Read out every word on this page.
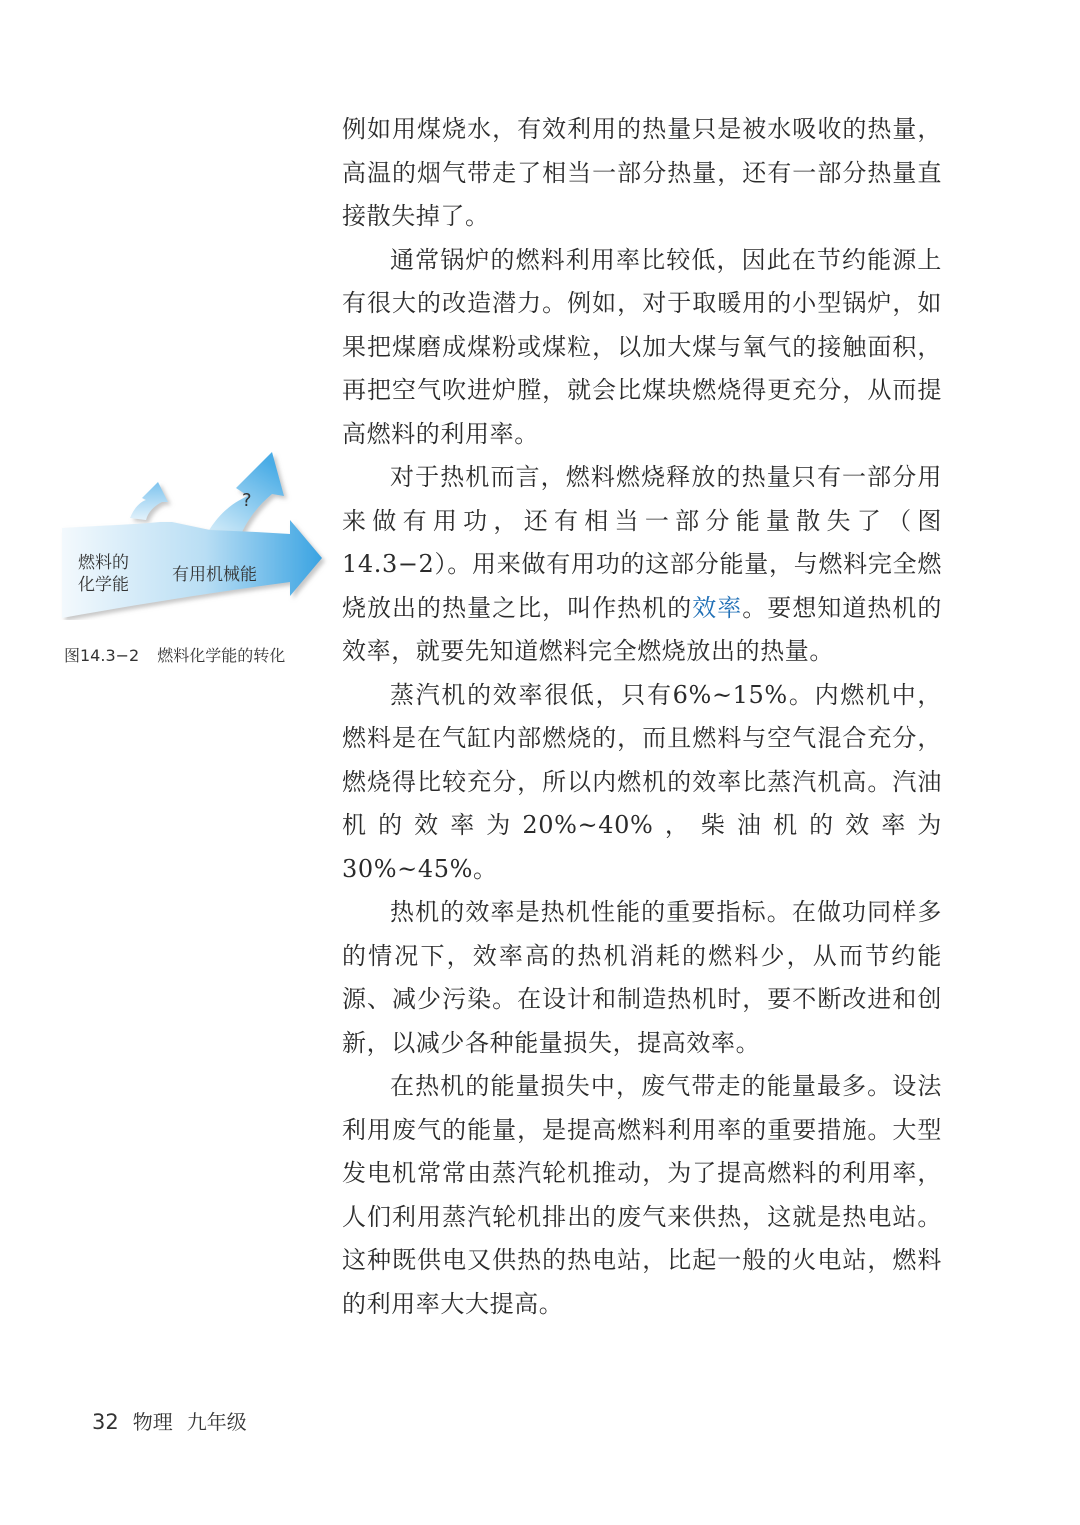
例如用煤烧水，有效利用的热量只是被水吸收的热量，高温的烟气带走了相当一部分热量，还有一部分热量直接散失掉了。

通常锅炉的燃料利用率比较低，因此在节约能源上有很大的改造潜力。例如，对于取暖用的小型锅炉，如果把煤磨成煤粉或煤粒，以加大煤与氧气的接触面积，再把空气吹进炉膛，就会比煤块燃烧得更充分，从而提高燃料的利用率。

对于热机而言，燃料燃烧释放的热量只有一部分用来做有用功，还有相当一部分能量散失了（图14.3−2）。用来做有用功的这部分能量，与燃料完全燃烧放出的热量之比，叫作热机的效率。要想知道热机的效率，就要先知道燃料完全燃烧放出的热量。

蒸汽机的效率很低，只有6%~15%。内燃机中，燃料是在气缸内部燃烧的，而且燃料与空气混合充分，燃烧得比较充分，所以内燃机的效率比蒸汽机高。汽油机的效率为20%~40%，柴油机的效率为30%~45%。

热机的效率是热机性能的重要指标。在做功同样多的情况下，效率高的热机消耗的燃料少，从而节约能源、减少污染。在设计和制造热机时，要不断改进和创新，以减少各种能量损失，提高效率。

在热机的能量损失中，废气带走的能量最多。设法利用废气的能量，是提高燃料利用率的重要措施。大型发电机常常由蒸汽轮机推动，为了提高燃料的利用率，人们利用蒸汽轮机排出的废气来供热，这就是热电站。这种既供电又供热的热电站，比起一般的火电站，燃料的利用率大大提高。

?
燃料的
化学能	有用机械能
图14.3−2 燃料化学能的转化
32 物理 九年级
